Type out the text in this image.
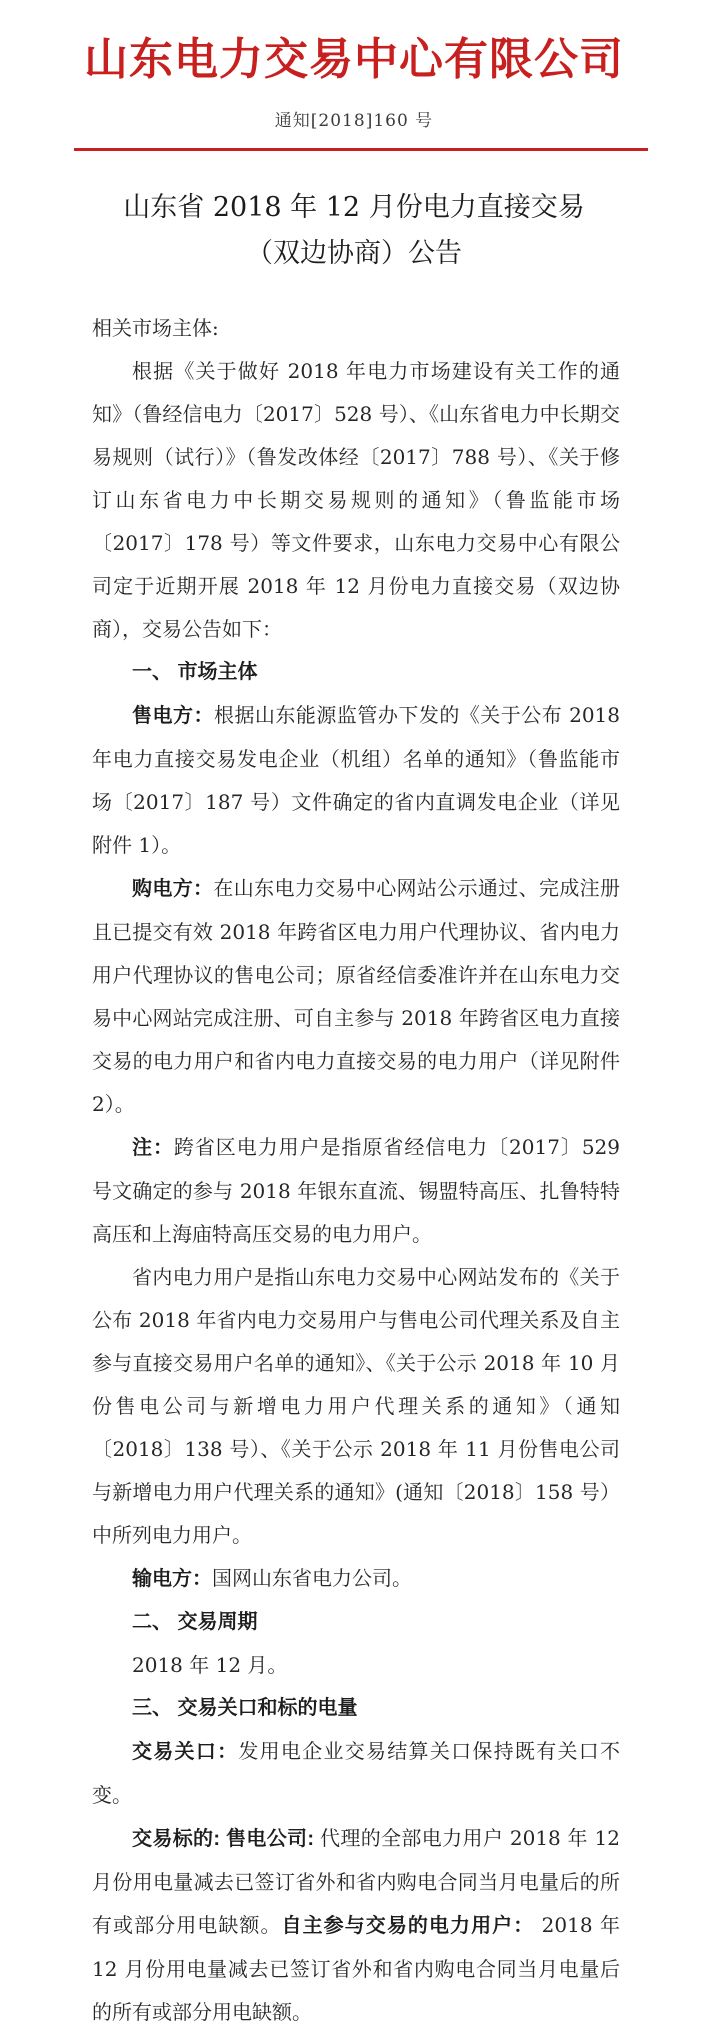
山东电力交易中心有限公司
通知[2018]160 号
山东省 2018 年 12 月份电力直接交易
（双边协商）公告

相关市场主体:

根据《关于做好 2018 年电力市场建设有关工作的通知》（鲁经信电力〔2017〕528 号）、《山东省电力中长期交易规则（试行）》（鲁发改体经〔2017〕788 号）、《关于修订山东省电力中长期交易规则的通知》（鲁监能市场〔2017〕178 号）等文件要求，山东电力交易中心有限公司定于近期开展 2018 年 12 月份电力直接交易（双边协商），交易公告如下：

一、 市场主体

售电方：根据山东能源监管办下发的《关于公布 2018 年电力直接交易发电企业（机组）名单的通知》（鲁监能市场〔2017〕187 号）文件确定的省内直调发电企业（详见附件 1）。

购电方：在山东电力交易中心网站公示通过、完成注册且已提交有效 2018 年跨省区电力用户代理协议、省内电力用户代理协议的售电公司；原省经信委准许并在山东电力交易中心网站完成注册、可自主参与 2018 年跨省区电力直接交易的电力用户和省内电力直接交易的电力用户（详见附件 2）。

注：跨省区电力用户是指原省经信电力〔2017〕529 号文确定的参与 2018 年银东直流、锡盟特高压、扎鲁特特高压和上海庙特高压交易的电力用户。

省内电力用户是指山东电力交易中心网站发布的《关于公布 2018 年省内电力交易用户与售电公司代理关系及自主参与直接交易用户名单的通知》、《关于公示 2018 年 10 月份售电公司与新增电力用户代理关系的通知》（通知〔2018〕138 号）、《关于公示 2018 年 11 月份售电公司与新增电力用户代理关系的通知》(通知〔2018〕158 号）中所列电力用户。

输电方：国网山东省电力公司。

二、 交易周期

2018 年 12 月。

三、 交易关口和标的电量

交易关口：发用电企业交易结算关口保持既有关口不变。

交易标的: 售电公司: 代理的全部电力用户 2018 年 12 月份用电量减去已签订省外和省内购电合同当月电量后的所有或部分用电缺额。自主参与交易的电力用户： 2018 年 12 月份用电量减去已签订省外和省内购电合同当月电量后的所有或部分用电缺额。
